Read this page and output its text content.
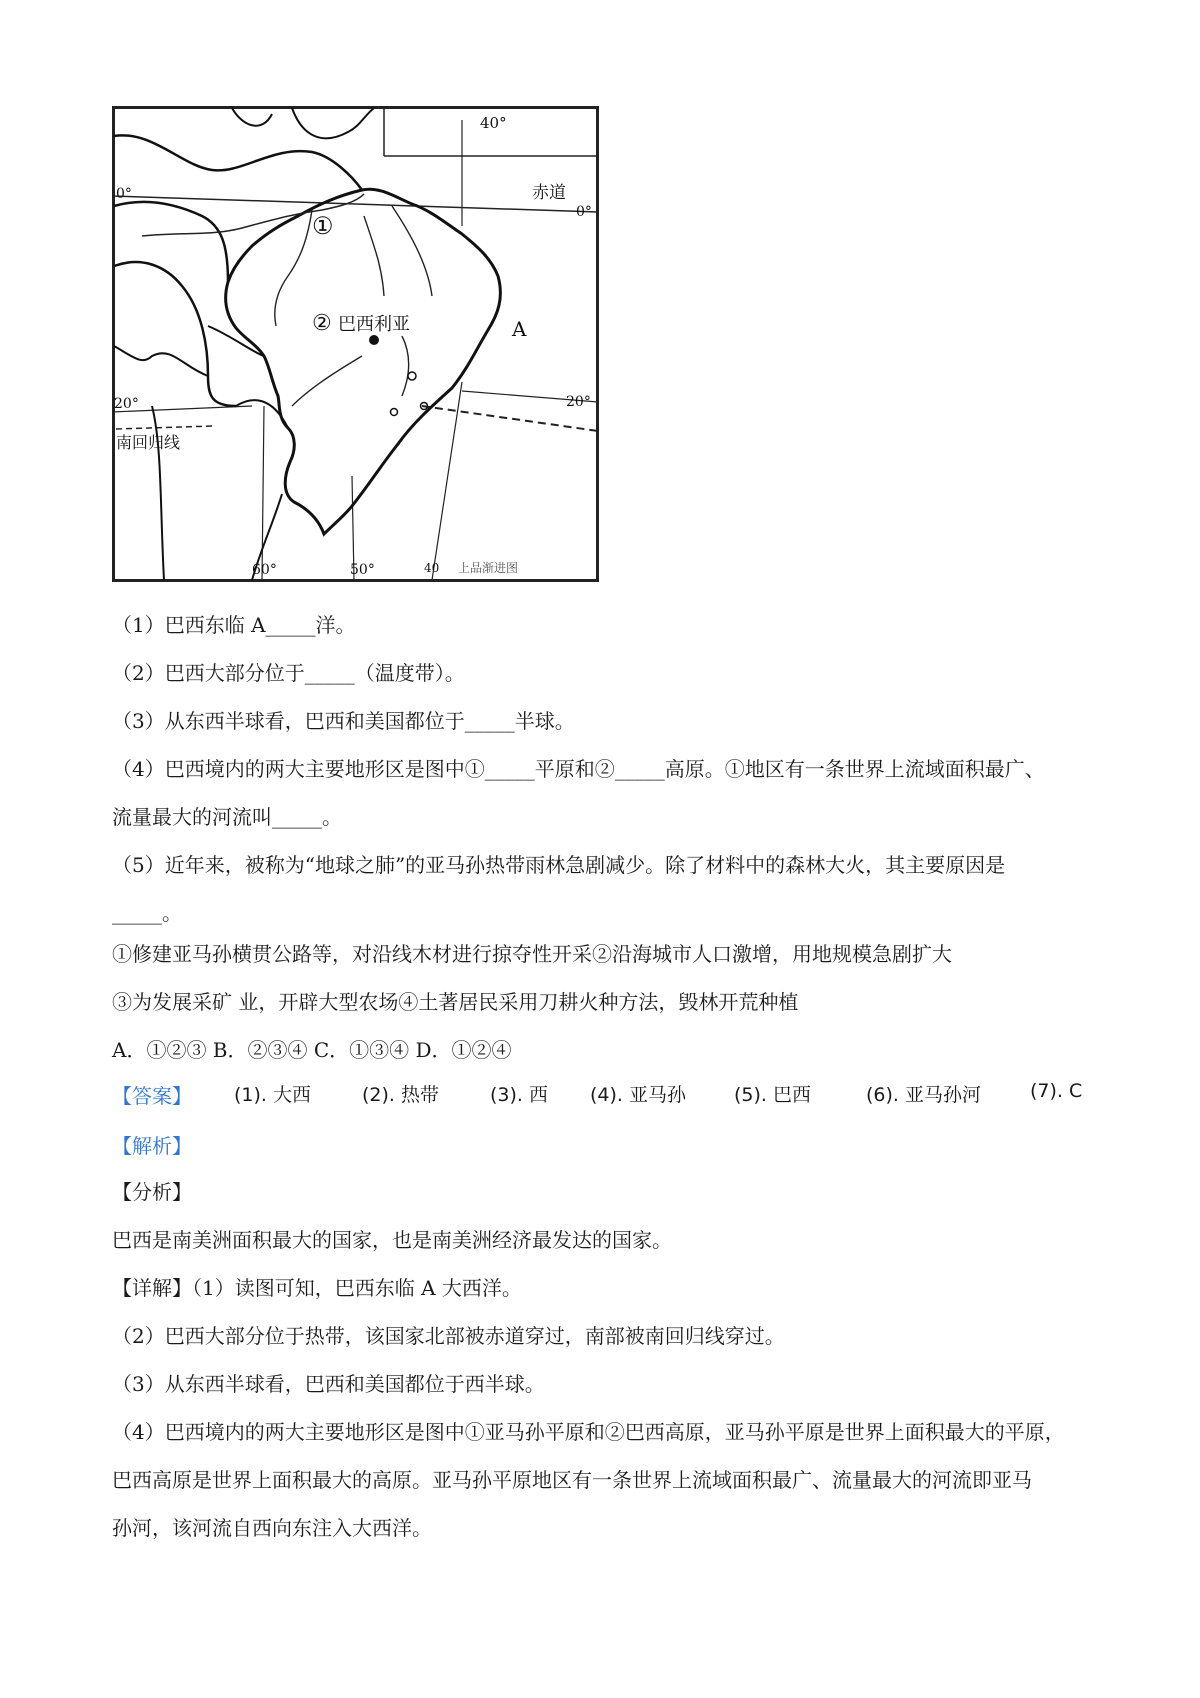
40°
赤道
0°
0°
20°	20°
南回归线
①
② 巴西利亚	A
60°	50°	40 上品渐进图
（1）巴西东临 A_____洋。
（2）巴西大部分位于_____（温度带）。
（3）从东西半球看，巴西和美国都位于_____半球。
（4）巴西境内的两大主要地形区是图中①_____平原和②_____高原。①地区有一条世界上流域面积最广、
流量最大的河流叫_____。
（5）近年来，被称为“地球之肺”的亚马孙热带雨林急剧减少。除了材料中的森林大火，其主要原因是
_____。
①修建亚马孙横贯公路等，对沿线木材进行掠夺性开采②沿海城市人口激增，用地规模急剧扩大
③为发展采矿 业，开辟大型农场④土著居民采用刀耕火种方法，毁林开荒种植
A．①②③ B．②③④ C．①③④ D．①②④
【答案】 (1). 大西	(2). 热带	(3). 西 (4). 亚马孙	(5). 巴西	(6). 亚马孙河	(7). C
【解析】
【分析】
巴西是南美洲面积最大的国家，也是南美洲经济最发达的国家。
【详解】（1）读图可知，巴西东临 A 大西洋。
（2）巴西大部分位于热带，该国家北部被赤道穿过，南部被南回归线穿过。
（3）从东西半球看，巴西和美国都位于西半球。
（4）巴西境内的两大主要地形区是图中①亚马孙平原和②巴西高原，亚马孙平原是世界上面积最大的平原，
巴西高原是世界上面积最大的高原。亚马孙平原地区有一条世界上流域面积最广、流量最大的河流即亚马
孙河，该河流自西向东注入大西洋。
